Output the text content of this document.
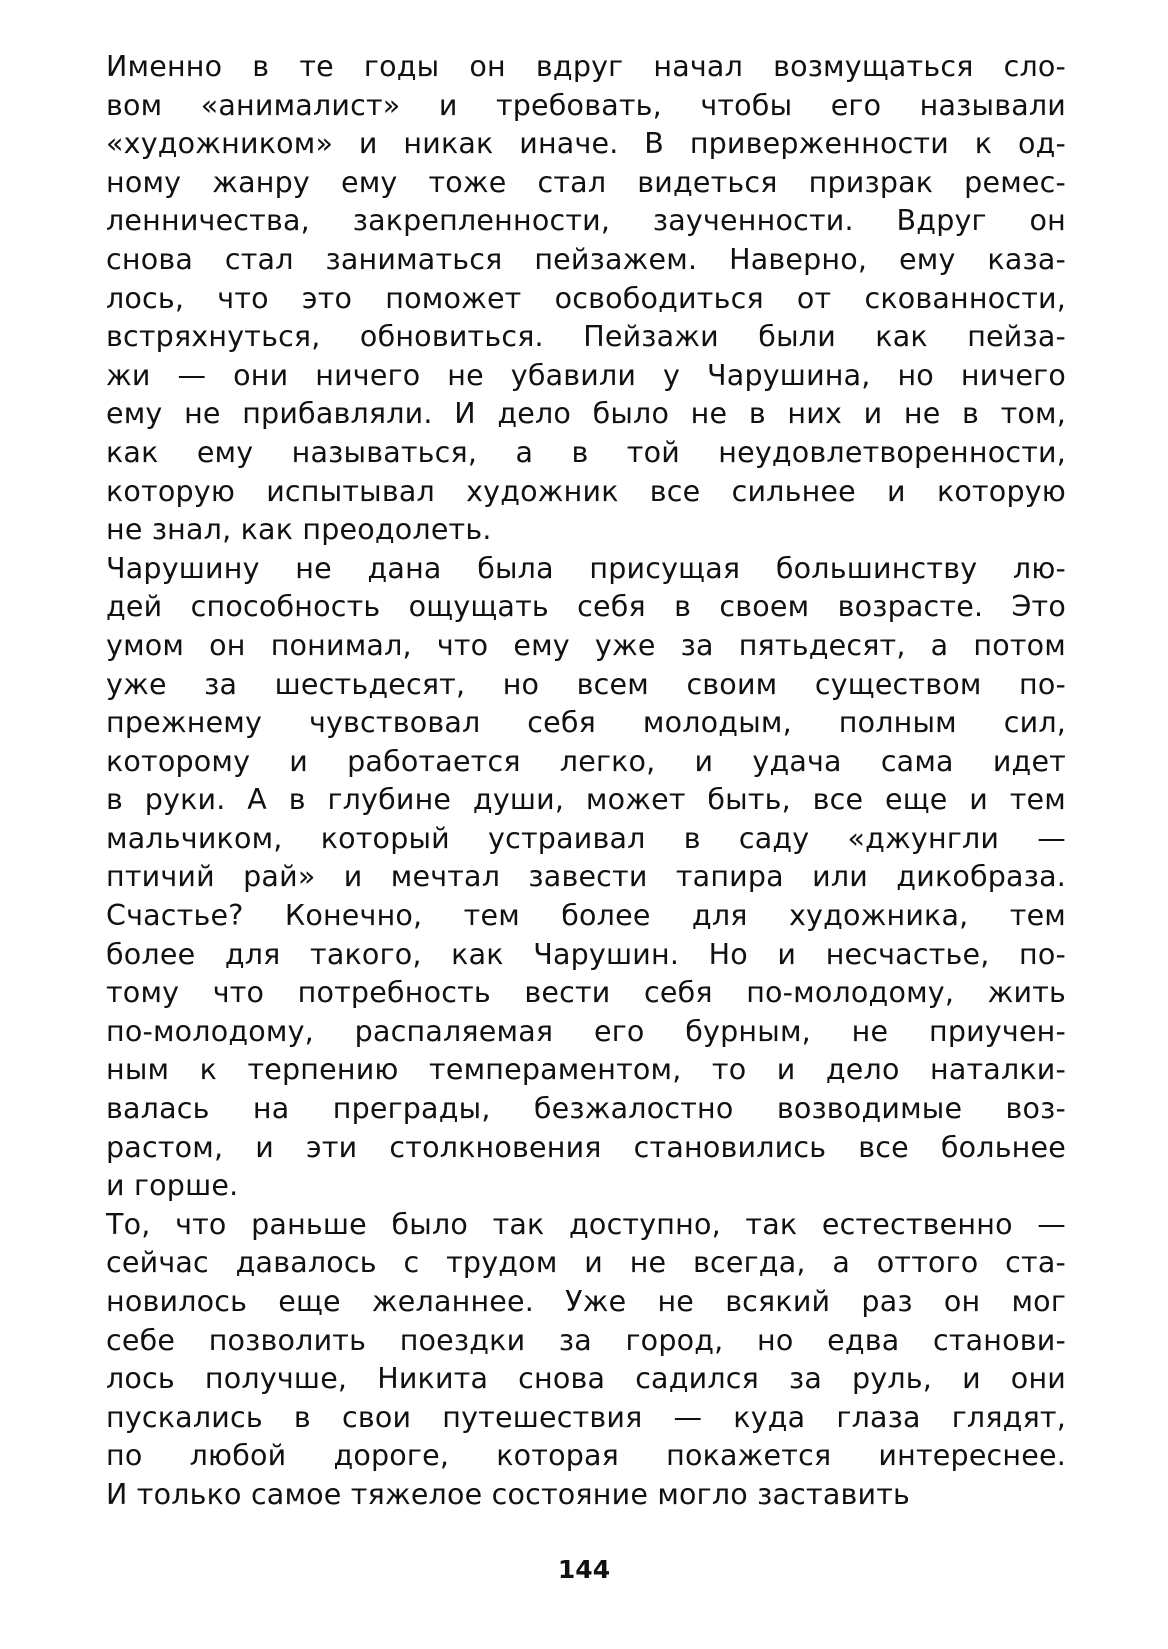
Именно в те годы он вдруг начал возмущаться сло-
вом «анималист» и требовать, чтобы его называли
«художником» и никак иначе. В приверженности к од-
ному жанру ему тоже стал видеться призрак ремес-
ленничества, закрепленности, заученности. Вдруг он
снова стал заниматься пейзажем. Наверно, ему каза-
лось, что это поможет освободиться от скованности,
встряхнуться, обновиться. Пейзажи были как пейза-
жи — они ничего не убавили у Чарушина, но ничего
ему не прибавляли. И дело было не в них и не в том,
как ему называться, а в той неудовлетворенности,
которую испытывал художник все сильнее и которую
не знал, как преодолеть.
Чарушину не дана была присущая большинству лю-
дей способность ощущать себя в своем возрасте. Это
умом он понимал, что ему уже за пятьдесят, а потом
уже за шестьдесят, но всем своим существом по-
прежнему чувствовал себя молодым, полным сил,
которому и работается легко, и удача сама идет
в руки. А в глубине души, может быть, все еще и тем
мальчиком, который устраивал в саду «джунгли —
птичий рай» и мечтал завести тапира или дикобраза.
Счастье? Конечно, тем более для художника, тем
более для такого, как Чарушин. Но и несчастье, по-
тому что потребность вести себя по-молодому, жить
по-молодому, распаляемая его бурным, не приучен-
ным к терпению темпераментом, то и дело наталки-
валась на преграды, безжалостно возводимые воз-
растом, и эти столкновения становились все больнее
и горше.
То, что раньше было так доступно, так естественно —
сейчас давалось с трудом и не всегда, а оттого ста-
новилось еще желаннее. Уже не всякий раз он мог
себе позволить поездки за город, но едва станови-
лось получше, Никита снова садился за руль, и они
пускались в свои путешествия — куда глаза глядят,
по любой дороге, которая покажется интереснее.
И только самое тяжелое состояние могло заставить
144
